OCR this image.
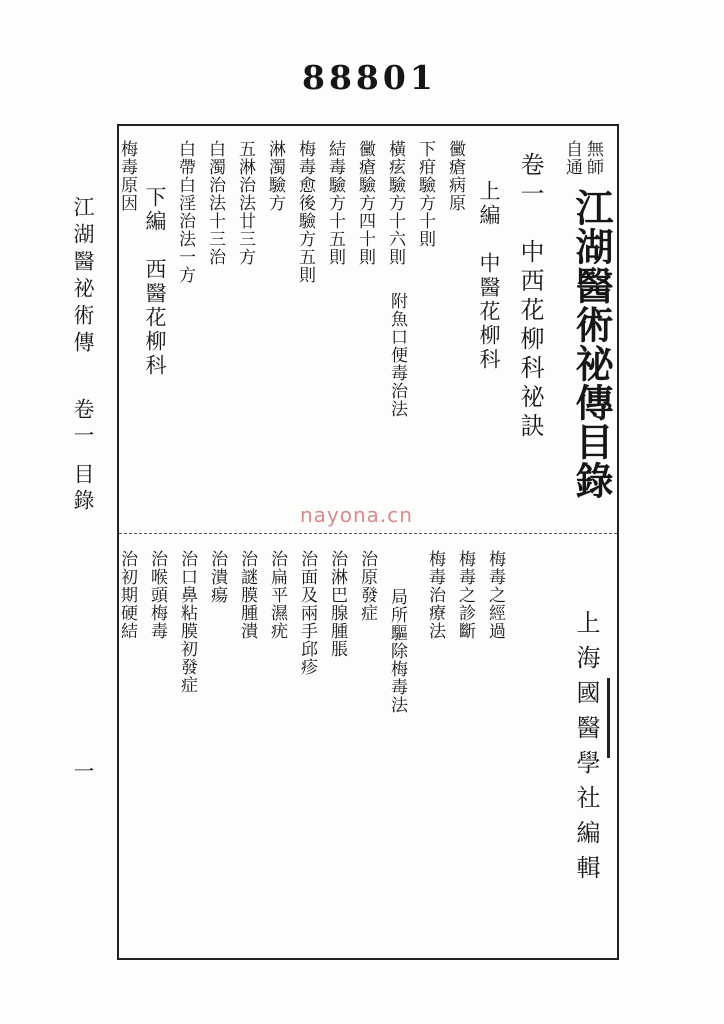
88801
無師
自通
江湖醫術祕傳目錄
卷一　中西花柳科祕訣
上編　中醫花柳科
黴瘡病原
下疳驗方十則
橫痃驗方十六則
附魚口便毒治法
黴瘡驗方四十則
結毒驗方十五則
梅毒愈後驗方五則
淋濁驗方
五淋治法廿三方
白濁治法十三治
白帶白淫治法一方
下編　西醫花柳科
梅毒原因
梅毒之經過
梅毒之診斷
梅毒治療法
局所驅除梅毒法
治原發症
治淋巴腺腫脹
治面及兩手邱疹
治扁平濕疣
治謎膜腫潰
治潰瘍
治口鼻粘膜初發症
治喉頭梅毒
治初期硬結
上海國醫學社編輯
江湖醫祕術傳
卷一
目錄
一
nayona.cn
